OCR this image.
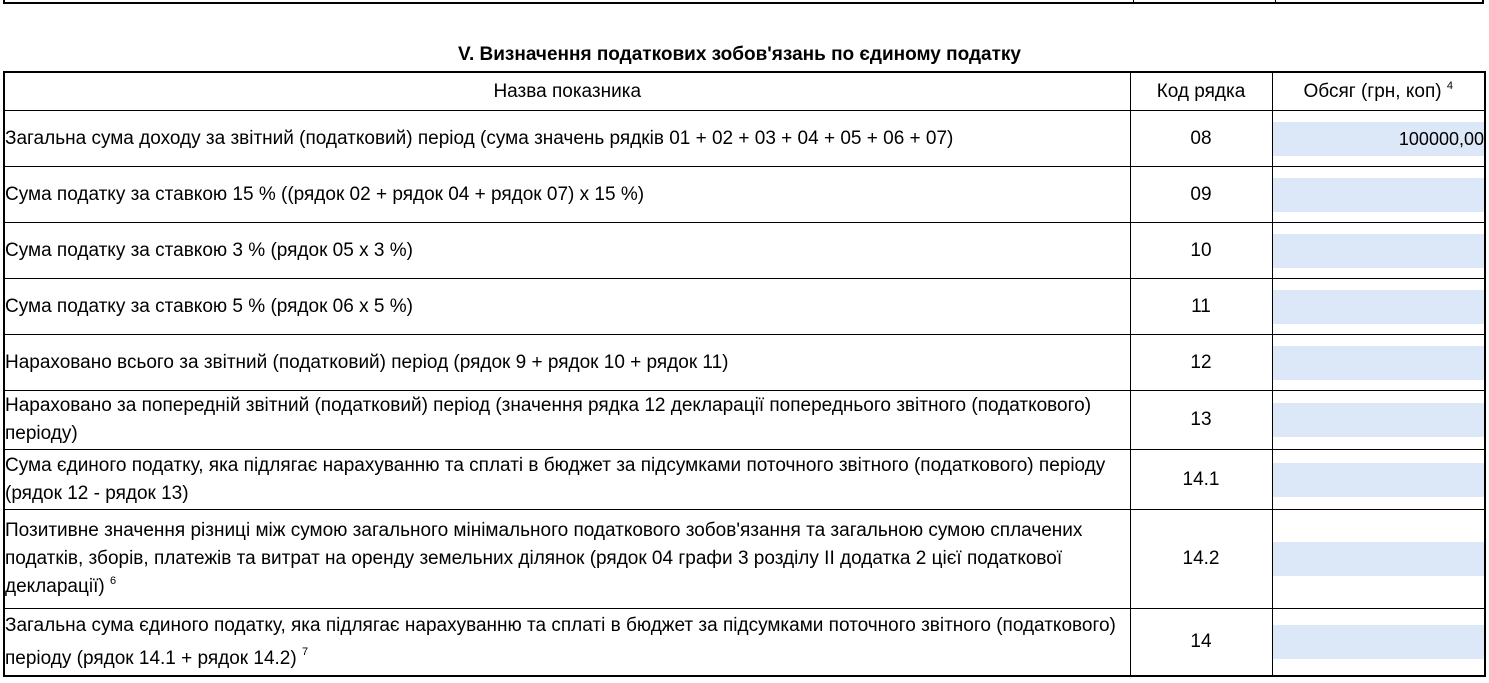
V. Визначення податкових зобов'язань по єдиному податку
Назва показника	Код рядка	Обсяг (грн, коп) $^4$
Загальна сума доходу за звітний (податковий) період (сума значень рядків 01 + 02 + 03 + 04 + 05 + 06 + 07)	08	100000,00

Сума податку за ставкою 15 % ((рядок 02 + рядок 04 + рядок 07) х 15 %)	09	

Сума податку за ставкою 3 % (рядок 05 х 3 %)	10	

Сума податку за ставкою 5 % (рядок 06 х 5 %)	11	

Нараховано всього за звітний (податковий) період (рядок 9 + рядок 10 + рядок 11)	12	

Нараховано за попередній звітний (податковий) період (значення рядка 12 декларації попереднього звітного (податкового) періоду)	13	

Сума єдиного податку, яка підлягає нарахуванню та сплаті в бюджет за підсумками поточного звітного (податкового) періоду (рядок 12 - рядок 13)	14.1	

Позитивне значення різниці між сумою загального мінімального податкового зобов'язання та загальною сумою сплачених податків, зборів, платежів та витрат на оренду земельних ділянок (рядок 04 графи 3 розділу II додатка 2 цієї податкової декларації) $^6$	14.2	

Загальна сума єдиного податку, яка підлягає нарахуванню та сплаті в бюджет за підсумками поточного звітного (податкового) періоду (рядок 14.1 + рядок 14.2) $^7$	14	
